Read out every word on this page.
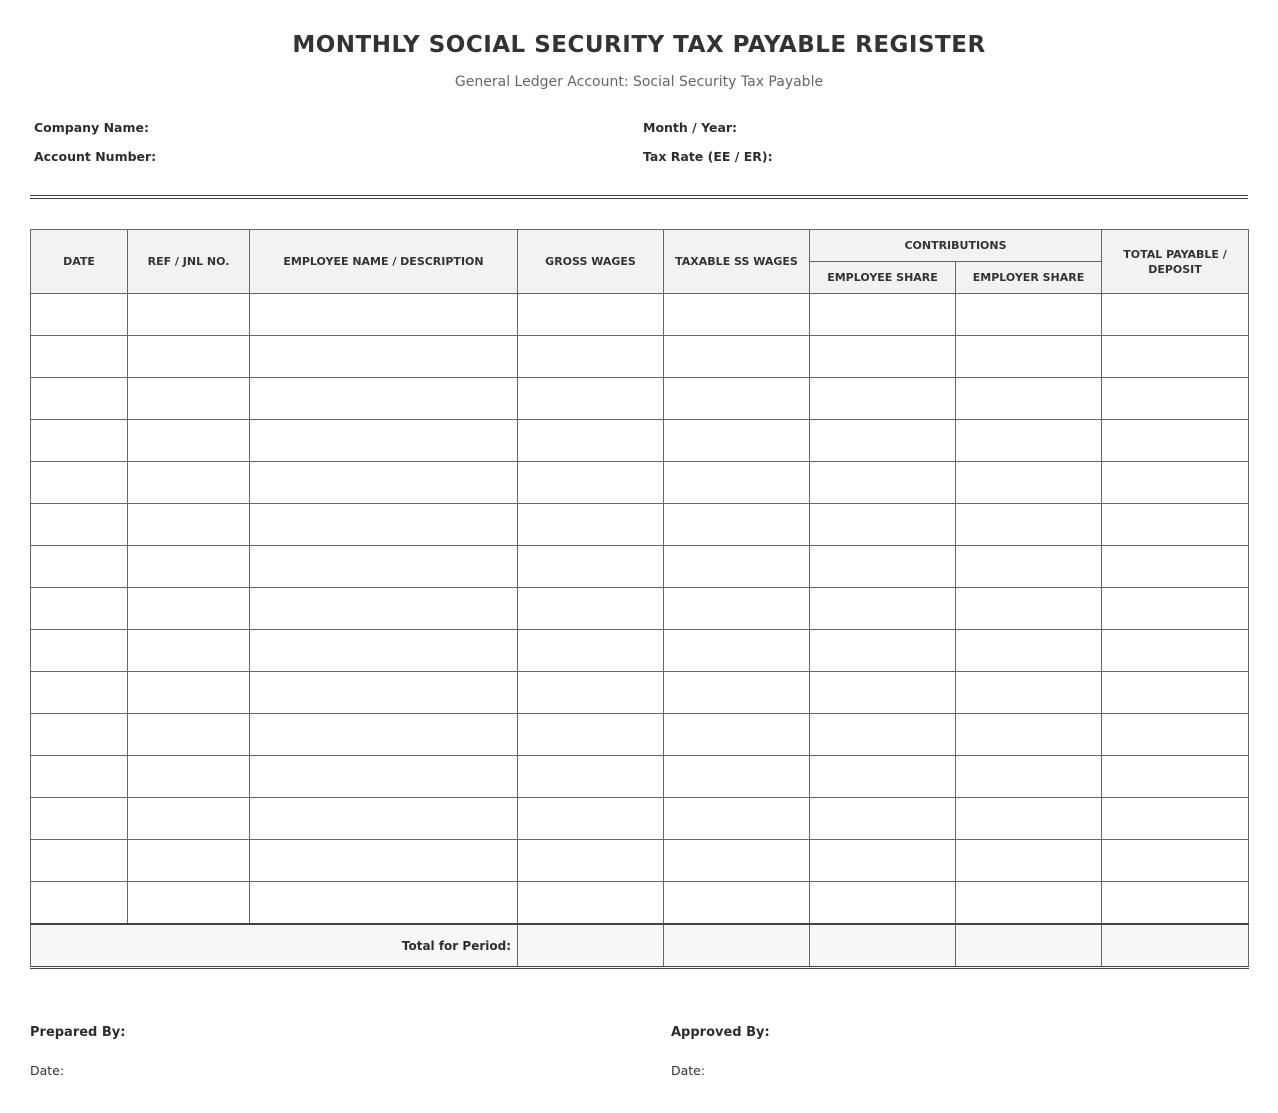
MONTHLY SOCIAL SECURITY TAX PAYABLE REGISTER
General Ledger Account: Social Security Tax Payable
Company Name:
Account Number:
Month / Year:
Tax Rate (EE / ER):
DATE	REF / JNL NO.	EMPLOYEE NAME / DESCRIPTION	GROSS WAGES	TAXABLE SS WAGES	CONTRIBUTIONS		TOTAL PAYABLE / DEPOSIT
					EMPLOYEE SHARE	EMPLOYER SHARE	

Total for Period:							
Prepared By:
Date:
Approved By:
Date:
